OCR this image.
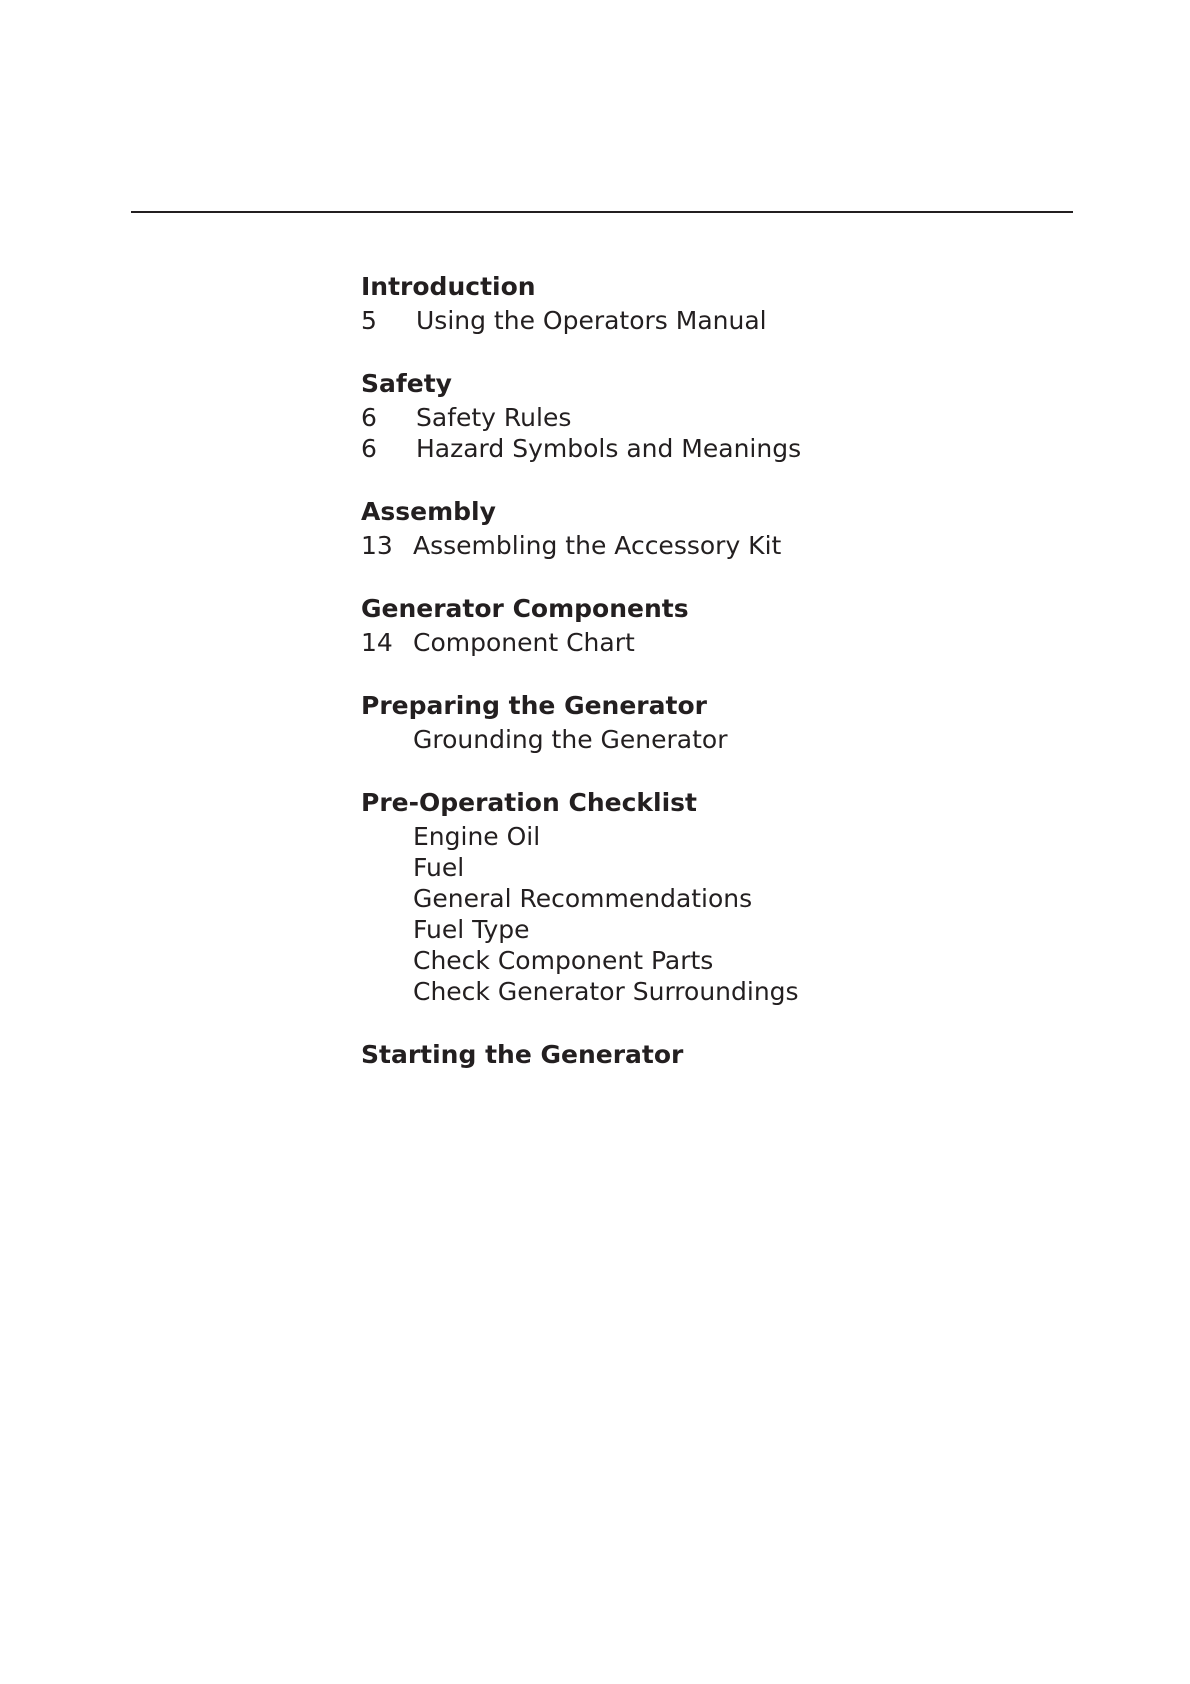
Introduction
5	Using the Operators Manual
Safety
6	Safety Rules
6	Hazard Symbols and Meanings
Assembly
13 Assembling the Accessory Kit
Generator Components
14 Component Chart
Preparing the Generator
Grounding the Generator
Pre-Operation Checklist
Engine Oil
Fuel
General Recommendations
Fuel Type
Check Component Parts
Check Generator Surroundings
Starting the Generator
